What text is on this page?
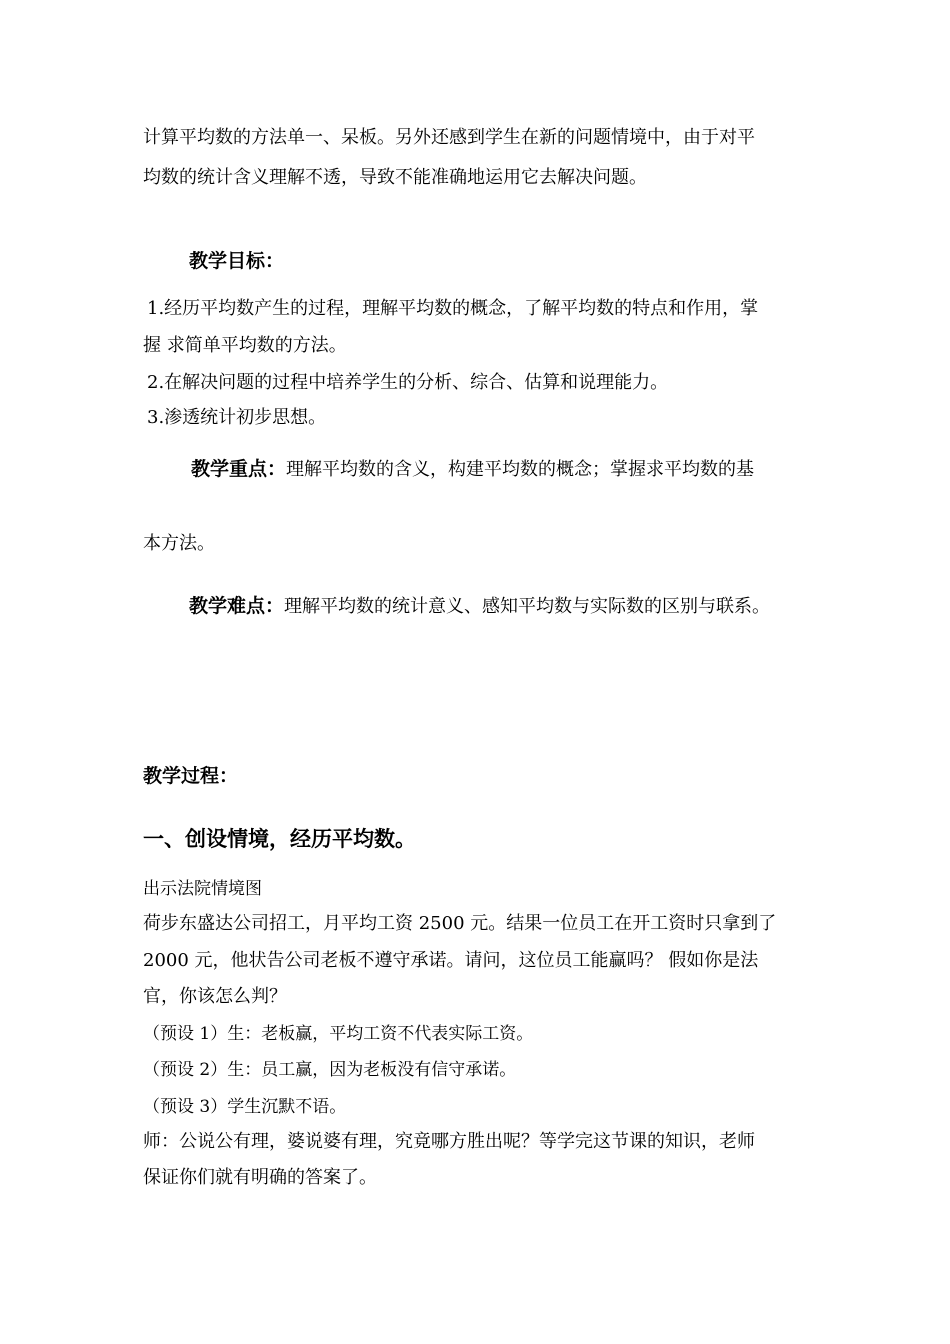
计算平均数的方法单一、呆板。另外还感到学生在新的问题情境中，由于对平
均数的统计含义理解不透，导致不能准确地运用它去解决问题。
教学目标：
1.经历平均数产生的过程，理解平均数的概念，了解平均数的特点和作用，掌
握 求简单平均数的方法。
2.在解决问题的过程中培养学生的分析、综合、估算和说理能力。
3.渗透统计初步思想。
教学重点：理解平均数的含义，构建平均数的概念；掌握求平均数的基
本方法。
教学难点：理解平均数的统计意义、感知平均数与实际数的区别与联系。
教学过程：
一、创设情境，经历平均数。
出示法院情境图
荷步东盛达公司招工，月平均工资 2500 元。结果一位员工在开工资时只拿到了
2000 元，他状告公司老板不遵守承诺。请问，这位员工能赢吗？ 假如你是法
官，你该怎么判？
（预设 1）生：老板赢，平均工资不代表实际工资。
（预设 2）生：员工赢，因为老板没有信守承诺。
（预设 3）学生沉默不语。
师：公说公有理，婆说婆有理，究竟哪方胜出呢？等学完这节课的知识，老师
保证你们就有明确的答案了。
